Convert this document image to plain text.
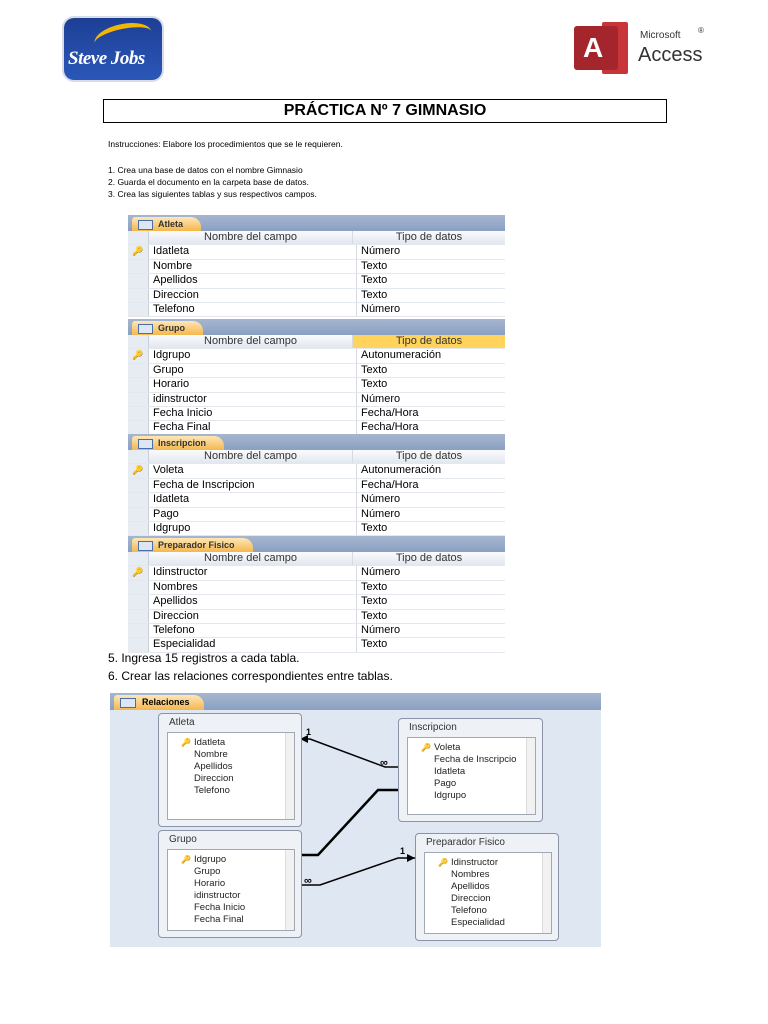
Steve Jobs	A	Microsoft ®
Access
PRÁCTICA Nº 7 GIMNASIO
Instrucciones: Elabore los procedimientos que se le requieren.
1. Crea una base de datos con el nombre Gimnasio
2. Guarda el documento en la carpeta base de datos.
3. Crea las siguientes tablas y sus respectivos campos.
Atleta
Nombre del campo	Tipo de datos
🔑 Idatleta	Número
Nombre	Texto
Apellidos	Texto
Direccion	Texto
Telefono	Número
Grupo
Nombre del campo	Tipo de datos
🔑 Idgrupo	Autonumeración
Grupo	Texto
Horario	Texto
idinstructor	Número
Fecha Inicio	Fecha/Hora
Fecha Final	Fecha/Hora
Inscripcion
Nombre del campo	Tipo de datos
🔑 Voleta	Autonumeración
Fecha de Inscripcion	Fecha/Hora
Idatleta	Número
Pago	Número
Idgrupo	Texto
Preparador Fisico
Nombre del campo	Tipo de datos
🔑 Idinstructor	Número
Nombres	Texto
Apellidos	Texto
Direccion	Texto
Telefono	Número
Especialidad	Texto
5. Ingresa 15 registros a cada tabla.
6. Crear las relaciones correspondientes entre tablas.
Relaciones
1
∞
1
∞
Atleta
🔑 Idatleta
Nombre
Apellidos
Direccion
Telefono
Inscripcion
🔑 Voleta
Fecha de Inscripcio
Idatleta
Pago
Idgrupo
Grupo
🔑 Idgrupo
Grupo
Horario
idinstructor
Fecha Inicio
Fecha Final
Preparador Fisico
🔑 Idinstructor
Nombres
Apellidos
Direccion
Telefono
Especialidad
